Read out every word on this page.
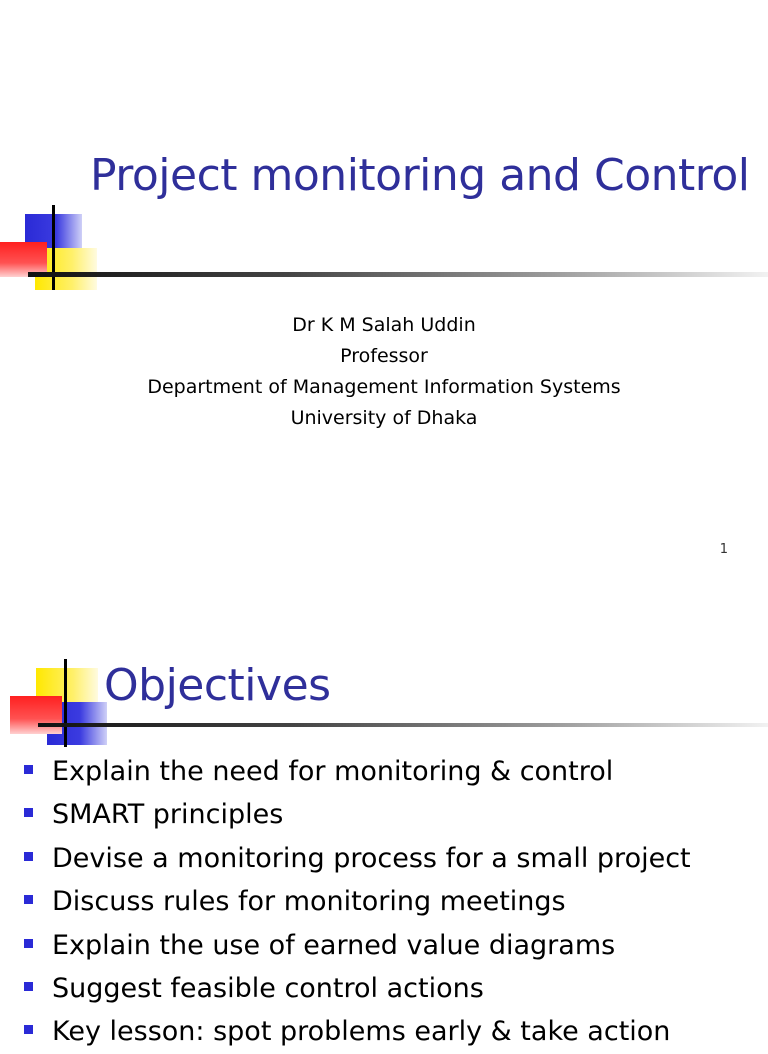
Project monitoring and Control
Dr K M Salah Uddin
Professor
Department of Management Information Systems
University of Dhaka
1
Objectives
Explain the need for monitoring & control
SMART principles
Devise a monitoring process for a small project
Discuss rules for monitoring meetings
Explain the use of earned value diagrams
Suggest feasible control actions
Key lesson: spot problems early & take action
